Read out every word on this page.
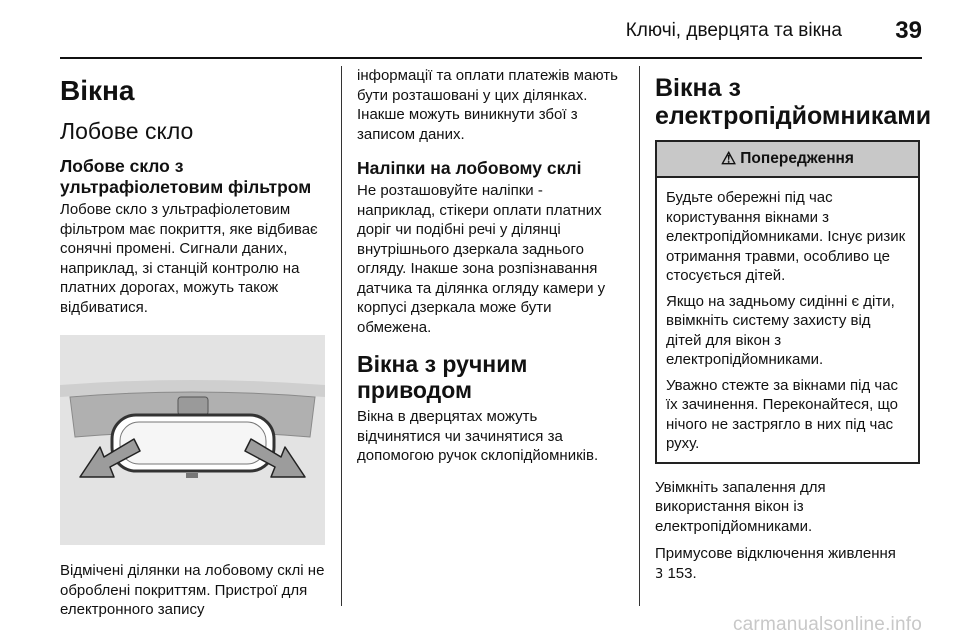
Ключі, дверцята та вікна 39
Вікна
Лобове скло
Лобове скло з ультрафіолетовим фільтром

Лобове скло з ультрафіолетовим фільтром має покриття, яке відбиває сонячні промені. Сигнали даних, наприклад, зі станцій контролю на платних дорогах, можуть також відбиватися.

Відмічені ділянки на лобовому склі не оброблені покриттям. Пристрої для електронного запису

інформації та оплати платежів мають бути розташовані у цих ділянках. Інакше можуть виникнути збої з записом даних.

Наліпки на лобовому склі

Не розташовуйте наліпки - наприклад, стікери оплати платних доріг чи подібні речі у ділянці внутрішнього дзеркала заднього огляду. Інакше зона розпізнавання датчика та ділянка огляду камери у корпусі дзеркала може бути обмежена.

Вікна з ручним приводом

Вікна в дверцятах можуть відчинятися чи зачинятися за допомогою ручок склопідйомників.

Вікна з електропідйомниками
⚠ Попередження

Будьте обережні під час користування вікнами з електропідйомниками. Існує ризик отримання травми, особливо це стосується дітей.

Якщо на задньому сидінні є діти, ввімкніть систему захисту від дітей для вікон з електропідйомниками.

Уважно стежте за вікнами під час їх зачинення. Переконайтеся, що нічого не застрягло в них під час руху.

Увімкніть запалення для використання вікон із електропідйомниками.

Примусове відключення живлення
3 153.

carmanualsonline.info
